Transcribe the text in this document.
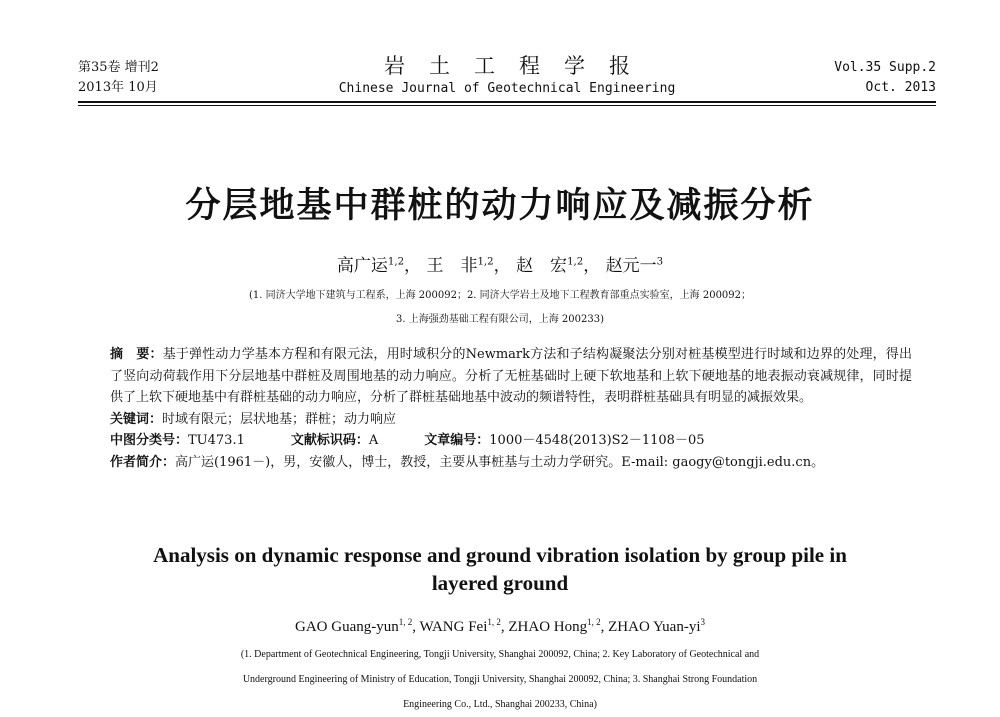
第35卷 增刊2
2013年 10月
岩土工程学报
Chinese Journal of Geotechnical Engineering
Vol.35 Supp.2
Oct. 2013
分层地基中群桩的动力响应及减振分析
高广运$^{1,2}$， 王　非$^{1,2}$， 赵　宏$^{1,2}$， 赵元一$^3$
(1. 同济大学地下建筑与工程系，上海 200092；2. 同济大学岩土及地下工程教育部重点实验室，上海 200092；
3. 上海强劲基础工程有限公司，上海 200233)

摘　要：基于弹性动力学基本方程和有限元法，用时域积分的Newmark方法和子结构凝聚法分别对桩基模型进行时域和边界的处理，得出了竖向动荷载作用下分层地基中群桩及周围地基的动力响应。分析了无桩基础时上硬下软地基和上软下硬地基的地表振动衰减规律，同时提供了上软下硬地基中有群桩基础的动力响应，分析了群桩基础地基中波动的频谱特性，表明群桩基础具有明显的减振效果。

关键词：时域有限元；层状地基；群桩；动力响应

中图分类号：TU473.1	文献标识码：A	文章编号：1000－4548(2013)S2－1108－05

作者简介：高广运(1961－)，男，安徽人，博士，教授，主要从事桩基与土动力学研究。E-mail: gaogy@tongji.edu.cn。

Analysis on dynamic response and ground vibration isolation by group pile in
layered ground
GAO Guang-yun$^{1, 2}$, WANG Fei$^{1, 2}$, ZHAO Hong$^{1, 2}$, ZHAO Yuan-$yi^3$
(1. Department of Geotechnical Engineering, Tongji University, Shanghai 200092, China; 2. Key Laboratory of Geotechnical and
Underground Engineering of Ministry of Education, Tongji University, Shanghai 200092, China; 3. Shanghai Strong Foundation
Engineering Co., Ltd., Shanghai 200233, China)
